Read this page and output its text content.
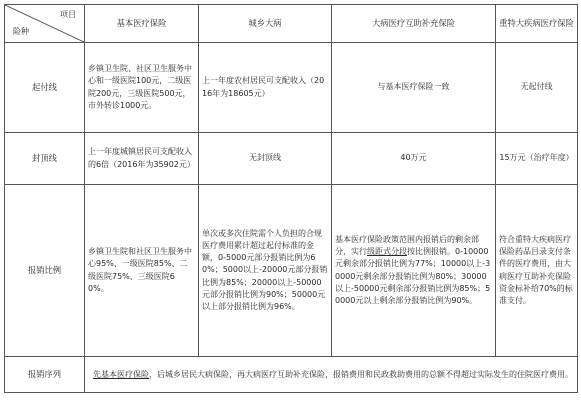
项目
险种	基本医疗保险	城乡大病	大病医疗互助补充保险	重特大疾病医疗保险
起付线	乡镇卫生院、社区卫生服务中心和一级医院100元，二级医院200元，三级医院500元，市外转诊1000元。	上一年度农村居民可支配收入（2016年为18605元）	与基本医疗保险一致	无起付线
封顶线	上一年度城镇居民可支配收入的6倍（2016年为35902元）	无封顶线	40万元	15万元（治疗年度）
报销比例	乡镇卫生院和社区卫生服务中心95%、一级医院85%、二级医院75%、三级医院60%。	单次或多次住院需个人负担的合规医疗费用累计超过起付标准的金额，0-5000元部分报销比例为60%；5000以上-20000元部分报销比例为85%；20000以上-50000元部分报销比例为90%；50000元以上部分报销比例为96%。	基本医疗保险政策范围内报销后的剩余部分，实行级距式分段按比例报销。0-10000元剩余部分报销比例为77%；10000以上-30000元剩余部分报销比例为80%；30000以上-50000元剩余部分报销比例为85%；50000元以上剩余部分报销比例为90%。	符合重特大疾病医疗保险药品目录支付条件的医疗费用，由大病医疗互助补充保险资金标补给70%的标准支付。
报销序列	先基本医疗保险，后城乡居民大病保险，再大病医疗互助补充保险，报销费用和民政救助费用的总额不得超过实际发生的住院医疗费用。			
